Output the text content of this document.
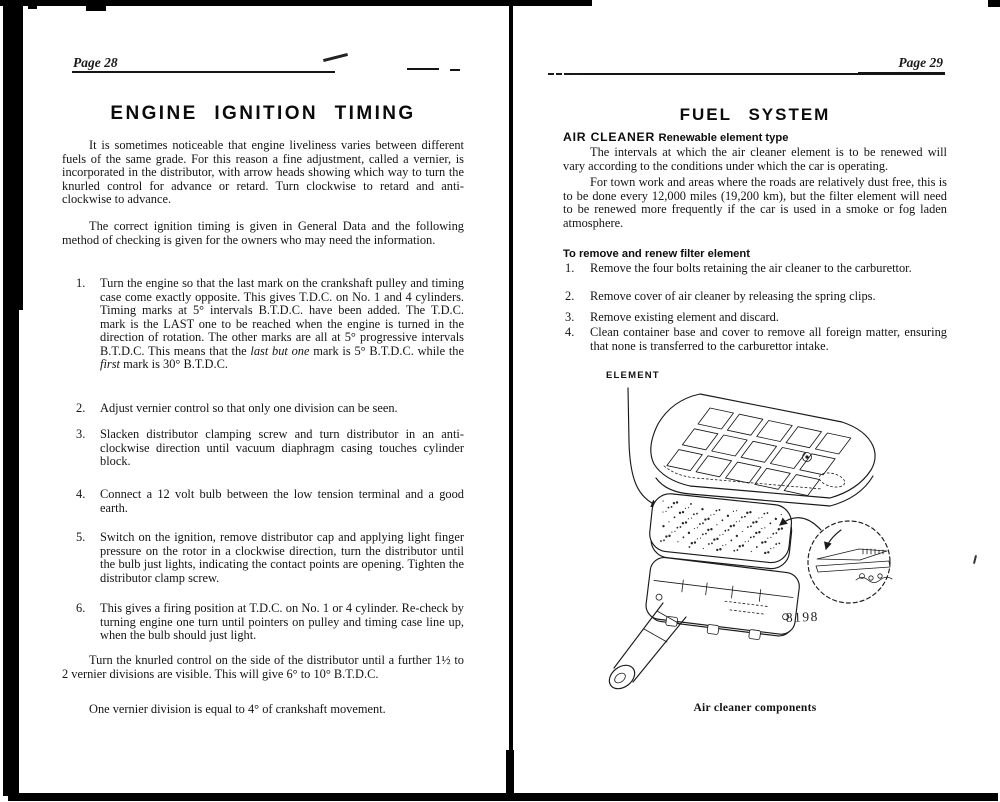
Page 28
ENGINE IGNITION TIMING
It is sometimes noticeable that engine liveliness varies between different fuels of the same grade. For this reason a fine adjustment, called a vernier, is incorporated in the distributor, with arrow heads showing which way to turn the knurled control for advance or retard. Turn clockwise to retard and anti-clockwise to advance.
The correct ignition timing is given in General Data and the following method of checking is given for the owners who may need the information.
1.	Turn the engine so that the last mark on the crankshaft pulley and timing case come exactly opposite. This gives T.D.C. on No. 1 and 4 cylinders. Timing marks at 5° intervals B.T.D.C. have been added. The T.D.C. mark is the LAST one to be reached when the engine is turned in the direction of rotation. The other marks are all at 5° progressive intervals B.T.D.C. This means that the last but one mark is 5° B.T.D.C. while the first mark is 30° B.T.D.C.
2.	Adjust vernier control so that only one division can be seen.
3.	Slacken distributor clamping screw and turn distributor in an anti-clockwise direction until vacuum diaphragm casing touches cylinder block.
4.	Connect a 12 volt bulb between the low tension terminal and a good earth.
5.	Switch on the ignition, remove distributor cap and applying light finger pressure on the rotor in a clockwise direction, turn the distributor until the bulb just lights, indicating the contact points are opening. Tighten the distributor clamp screw.
6.	This gives a firing position at T.D.C. on No. 1 or 4 cylinder. Re-check by turning engine one turn until pointers on pulley and timing case line up, when the bulb should just light.
Turn the knurled control on the side of the distributor until a further 1½ to 2 vernier divisions are visible. This will give 6° to 10° B.T.D.C.
One vernier division is equal to 4° of crankshaft movement.
Page 29
FUEL SYSTEM
AIR CLEANER Renewable element type
The intervals at which the air cleaner element is to be renewed will vary according to the conditions under which the car is operating.
For town work and areas where the roads are relatively dust free, this is to be done every 12,000 miles (19,200 km), but the filter element will need to be renewed more frequently if the car is used in a smoke or fog laden atmosphere.
To remove and renew filter element
1.	Remove the four bolts retaining the air cleaner to the carburettor.
2.	Remove cover of air cleaner by releasing the spring clips.
3.	Remove existing element and discard.
4.	Clean container base and cover to remove all foreign matter, ensuring that none is transferred to the carburettor intake.
Air cleaner components
ELEMENT
8198
